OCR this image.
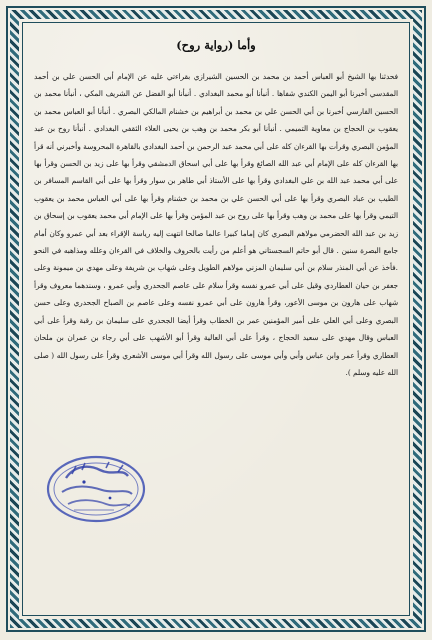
وأما (رواية روح)

فحدثنا بها الشيخ أبو العباس أحمد بن محمد بن الحسين الشيرازي بقراءتي عليه عن الإمام أبي الحسن علي بن أحمد المقدسي أخبرنا أبو اليمن الكندي شفاها . أنبأنا أبو محمد البغدادي . أنبأنا أبو الفضل عن الشريف المكي ، أنبأنا محمد بن الحسين الفارسي أخبرنا بن أبي الحسن علي بن محمد بن أبراهيم بن خشنام المالكي البصري . أنبأنا أبو العباس محمد بن يعقوب بن الحجاج بن معاوية التميمي . أنبأنا أبو بكر محمد بن وهب بن يحيى العلاء الثقفي البغدادي . أنبأنا روح بن عبد المؤمن البصري وقرأت بها القرءان كله على أبي محمد عبد الرحمن بن أحمد البغدادي بالقاهرة المحروسة وأخبرني أنه قرأ بها القرءان كله على الإمام أبي عبد الله الصائغ وقرأ بها على أبي اسحاق الدمشقي وقرأ بها على زيد بن الحسن وقرأ بها على أبي محمد عبد الله بن علي البغدادي وقرأ بها على الأستاذ أبي طاهر بن سوار وقرأ بها على أبي القاسم المسافر بن الطيب بن عباد البصري وقرأ بها على أبي الحسن علي بن محمد بن خشنام وقرأ بها على أبي العباس محمد بن يعقوب التيمي وقرأ بها على محمد بن وهب وقرأ بها على روح بن عبد المؤمن وقرأ بها على الإمام أبي محمد يعقوب بن إسحاق بن زيد بن عبد الله الحضرمي مولاهم البصري كان إماما كبيرا عالما صالحا انتهت إليه رياسة الإقراء بعد أبي عمرو وكان أمام جامع البصرة سنين . قال أبو حاتم السجستاني هو أعلم من رأيت بالحروف والخلاف في القرءان وعلله ومذاهبه في النحو .فأخذ عن أبي المنذر سلام بن أبي سليمان المزني مولاهم الطويل وعلى شهاب بن شريفة وعلى مهدي بن ميمونة وعلى جعفر بن حيان العطاردي وقيل على أبي عمرو نفسه وقرأ سلام على عاصم الجحدري وأبي عمرو ، وسندهما معروف وقرأ شهاب على هارون بن موسى الأعور، وقرأ هارون على أبي عمرو نفسه وعلى عاصم بن الصباح الجحدري وعلى حسن البصري وعلى أبي العلي على أمير المؤمنين عمر بن الخطاب وقرأ أيضا الجحدري على سليمان بن رقبة وقرأ على أبي العباس وقال مهدي على سعيد الحجاج ، وقرأ على أبي العالية وقرأ أبو الأشهب على أبي رجاء بن عمران بن ملحان العطاري وقرأ عمر وابن عباس وأبي وأبي موسى على رسول الله وقرأ أبي موسى الأشعري وقرأ على رسول الله ( صلى الله عليه وسلم ).
